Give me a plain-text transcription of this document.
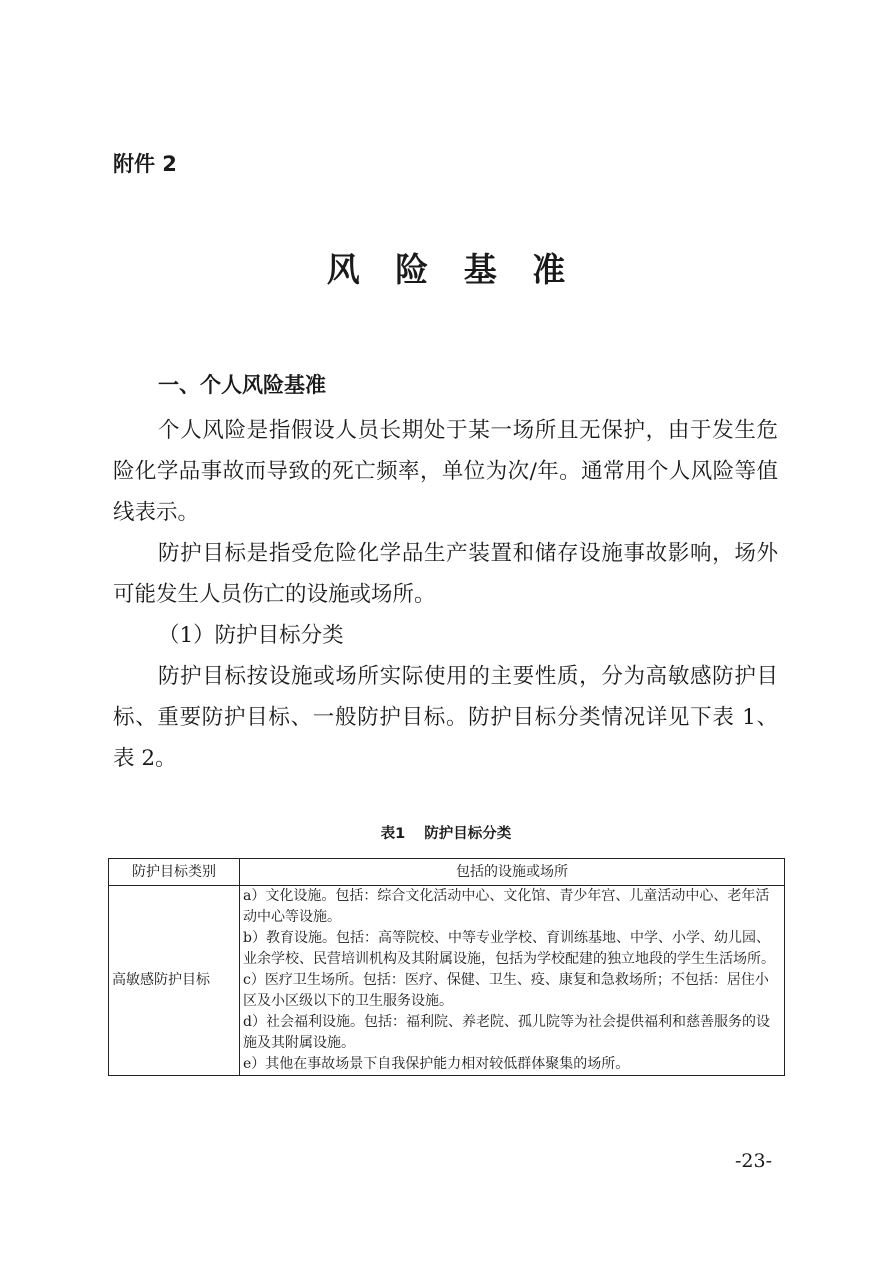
附件 2
风 险 基 准
一、个人风险基准

个人风险是指假设人员长期处于某一场所且无保护，由于发生危险化学品事故而导致的死亡频率，单位为次/年。通常用个人风险等值线表示。

防护目标是指受危险化学品生产装置和储存设施事故影响，场外可能发生人员伤亡的设施或场所。

（1）防护目标分类

防护目标按设施或场所实际使用的主要性质，分为高敏感防护目标、重要防护目标、一般防护目标。防护目标分类情况详见下表 1、表 2。

表1 防护目标分类
防护目标类别	包括的设施或场所
高敏感防护目标	a）文化设施。包括：综合文化活动中心、文化馆、青少年宫、儿童活动中心、老年活动中心等设施。

b）教育设施。包括：高等院校、中等专业学校、育训练基地、中学、小学、幼儿园、业余学校、民营培训机构及其附属设施，包括为学校配建的独立地段的学生生活场所。

c）医疗卫生场所。包括：医疗、保健、卫生、疫、康复和急救场所；不包括：居住小区及小区级以下的卫生服务设施。

d）社会福利设施。包括：福利院、养老院、孤儿院等为社会提供福利和慈善服务的设施及其附属设施。

e）其他在事故场景下自我保护能力相对较低群体聚集的场所。

-23-
